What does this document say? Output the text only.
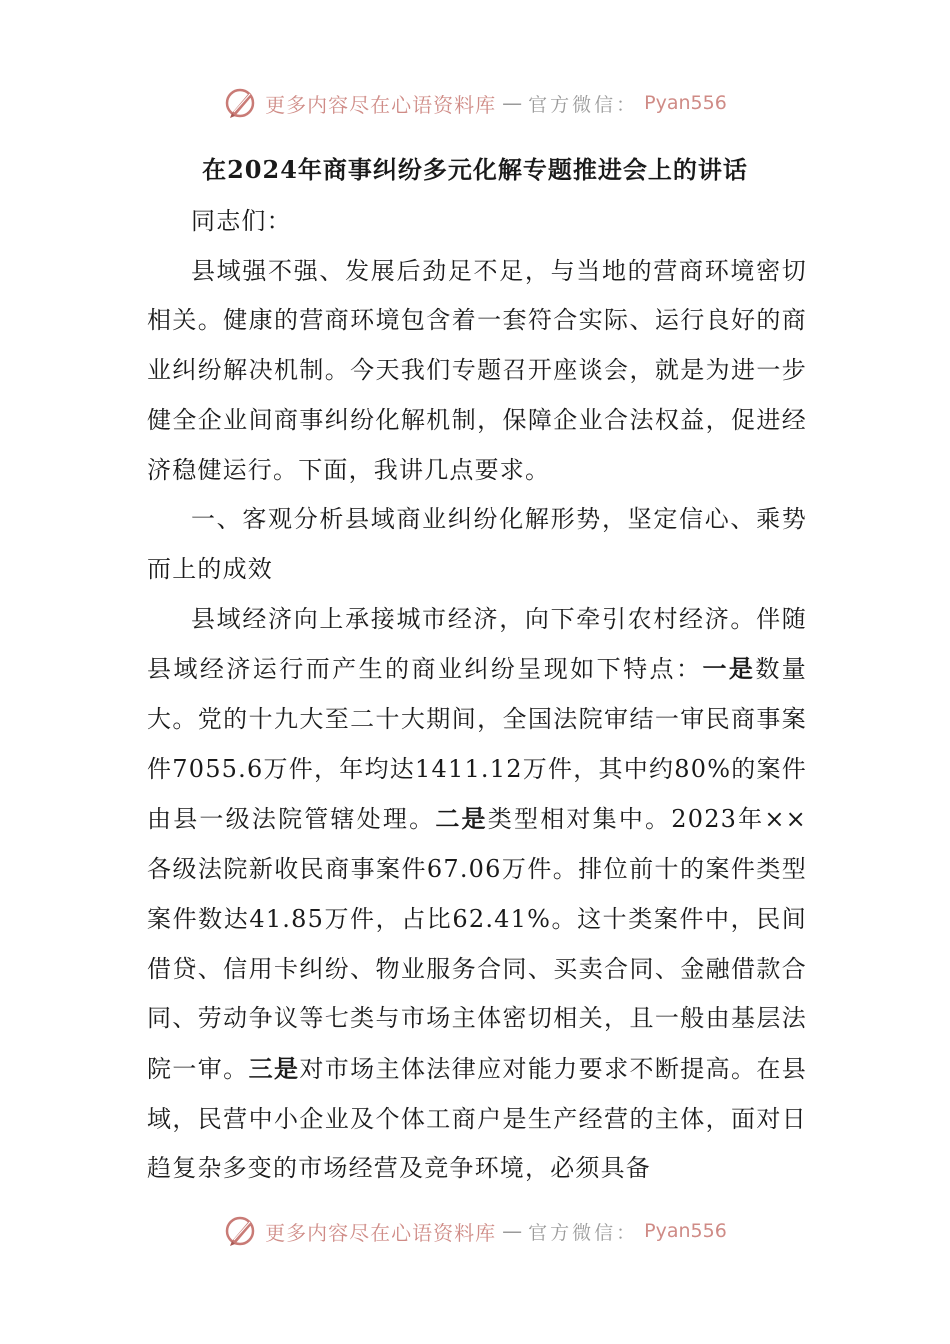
更多内容尽在心语资料库 — 官方微信： Pyan556
在2024年商事纠纷多元化解专题推进会上的讲话

同志们：

县域强不强、发展后劲足不足，与当地的营商环境密切相关。健康的营商环境包含着一套符合实际、运行良好的商业纠纷解决机制。今天我们专题召开座谈会，就是为进一步健全企业间商事纠纷化解机制，保障企业合法权益，促进经济稳健运行。下面，我讲几点要求。

一、客观分析县域商业纠纷化解形势，坚定信心、乘势而上的成效

县域经济向上承接城市经济，向下牵引农村经济。伴随县域经济运行而产生的商业纠纷呈现如下特点：一是数量大。党的十九大至二十大期间，全国法院审结一审民商事案件7055.6万件，年均达1411.12万件，其中约80%的案件由县一级法院管辖处理。二是类型相对集中。2023年××各级法院新收民商事案件67.06万件。排位前十的案件类型案件数达41.85万件，占比62.41%。这十类案件中，民间借贷、信用卡纠纷、物业服务合同、买卖合同、金融借款合同、劳动争议等七类与市场主体密切相关，且一般由基层法院一审。三是对市场主体法律应对能力要求不断提高。在县域，民营中小企业及个体工商户是生产经营的主体，面对日趋复杂多变的市场经营及竞争环境，必须具备

更多内容尽在心语资料库 — 官方微信： Pyan556
